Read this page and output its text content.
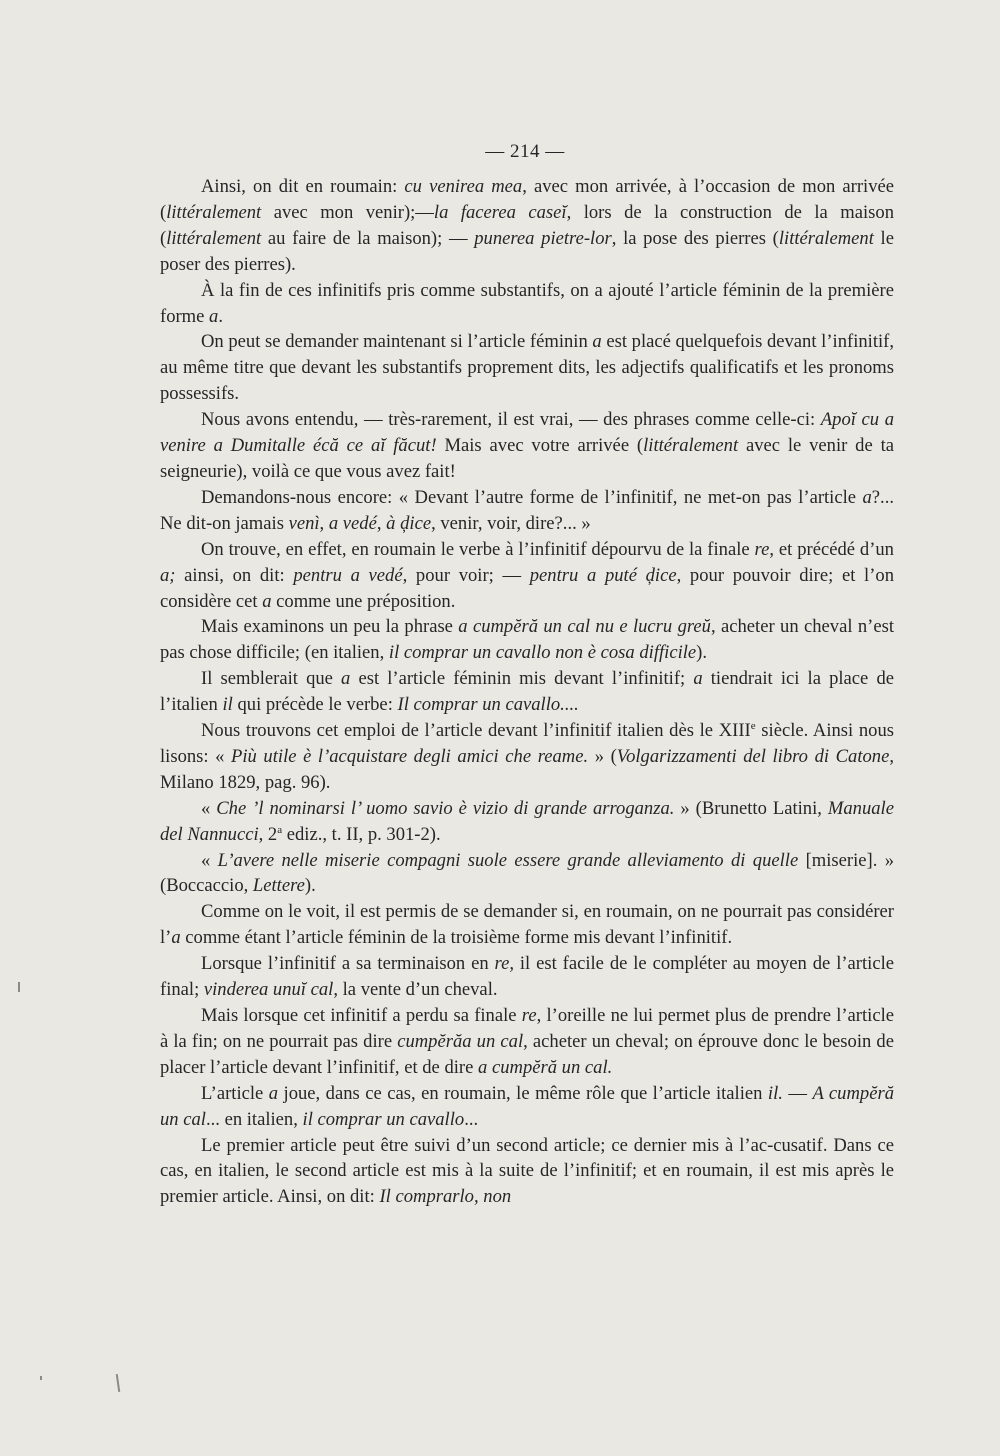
— 214 —

Ainsi, on dit en roumain: cu venirea mea, avec mon arrivée, à l’occasion de mon arrivée (littéralement avec mon venir);—la facerea caseĭ, lors de la construction de la maison (littéralement au faire de la maison); — punerea pietre-lor, la pose des pierres (littéralement le poser des pierres).

À la fin de ces infinitifs pris comme substantifs, on a ajouté l’article féminin de la première forme a.

On peut se demander maintenant si l’article féminin a est placé quelquefois devant l’infinitif, au même titre que devant les substantifs proprement dits, les adjectifs qualificatifs et les pronoms possessifs.

Nous avons entendu, — très-rarement, il est vrai, — des phrases comme celle-ci: Apoĭ cu a venire a Dumitalle écă ce aĭ făcut! Mais avec votre arrivée (littéralement avec le venir de ta seigneurie), voilà ce que vous avez fait!

Demandons-nous encore: « Devant l’autre forme de l’infinitif, ne met-on pas l’article a?... Ne dit-on jamais venì, a vedé, à ḑice, venir, voir, dire?... »

On trouve, en effet, en roumain le verbe à l’infinitif dépourvu de la finale re, et précédé d’un a; ainsi, on dit: pentru a vedé, pour voir; — pentru a puté ḑice, pour pouvoir dire; et l’on considère cet a comme une préposition.

Mais examinons un peu la phrase a cumpĕră un cal nu e lucru greŭ, acheter un cheval n’est pas chose difficile; (en italien, il comprar un cavallo non è cosa difficile).

Il semblerait que a est l’article féminin mis devant l’infinitif; a tiendrait ici la place de l’italien il qui précède le verbe: Il comprar un cavallo....

Nous trouvons cet emploi de l’article devant l’infinitif italien dès le XIIIe siècle. Ainsi nous lisons: « Più utile è l’acquistare degli amici che reame. » (Volgarizzamenti del libro di Catone, Milano 1829, pag. 96).

« Che ’l nominarsi l’ uomo savio è vizio di grande arroganza. » (Brunetto Latini, Manuale del Nannucci, 2$^a$ ediz., t. II, p. 301-2).

« L’avere nelle miserie compagni suole essere grande alleviamento di quelle [miserie]. » (Boccaccio, Lettere).

Comme on le voit, il est permis de se demander si, en roumain, on ne pourrait pas considérer l’a comme étant l’article féminin de la troisième forme mis devant l’infinitif.

Lorsque l’infinitif a sa terminaison en re, il est facile de le compléter au moyen de l’article final; vinderea unuĭ cal, la vente d’un cheval.

Mais lorsque cet infinitif a perdu sa finale re, l’oreille ne lui permet plus de prendre l’article à la fin; on ne pourrait pas dire cumpĕrăa un cal, acheter un cheval; on éprouve donc le besoin de placer l’article devant l’infinitif, et de dire a cumpĕră un cal.

L’article a joue, dans ce cas, en roumain, le même rôle que l’article italien il. — A cumpĕră un cal... en italien, il comprar un cavallo...

Le premier article peut être suivi d’un second article; ce dernier mis à l’ac-cusatif. Dans ce cas, en italien, le second article est mis à la suite de l’infinitif; et en roumain, il est mis après le premier article. Ainsi, on dit: Il comprarlo, non
